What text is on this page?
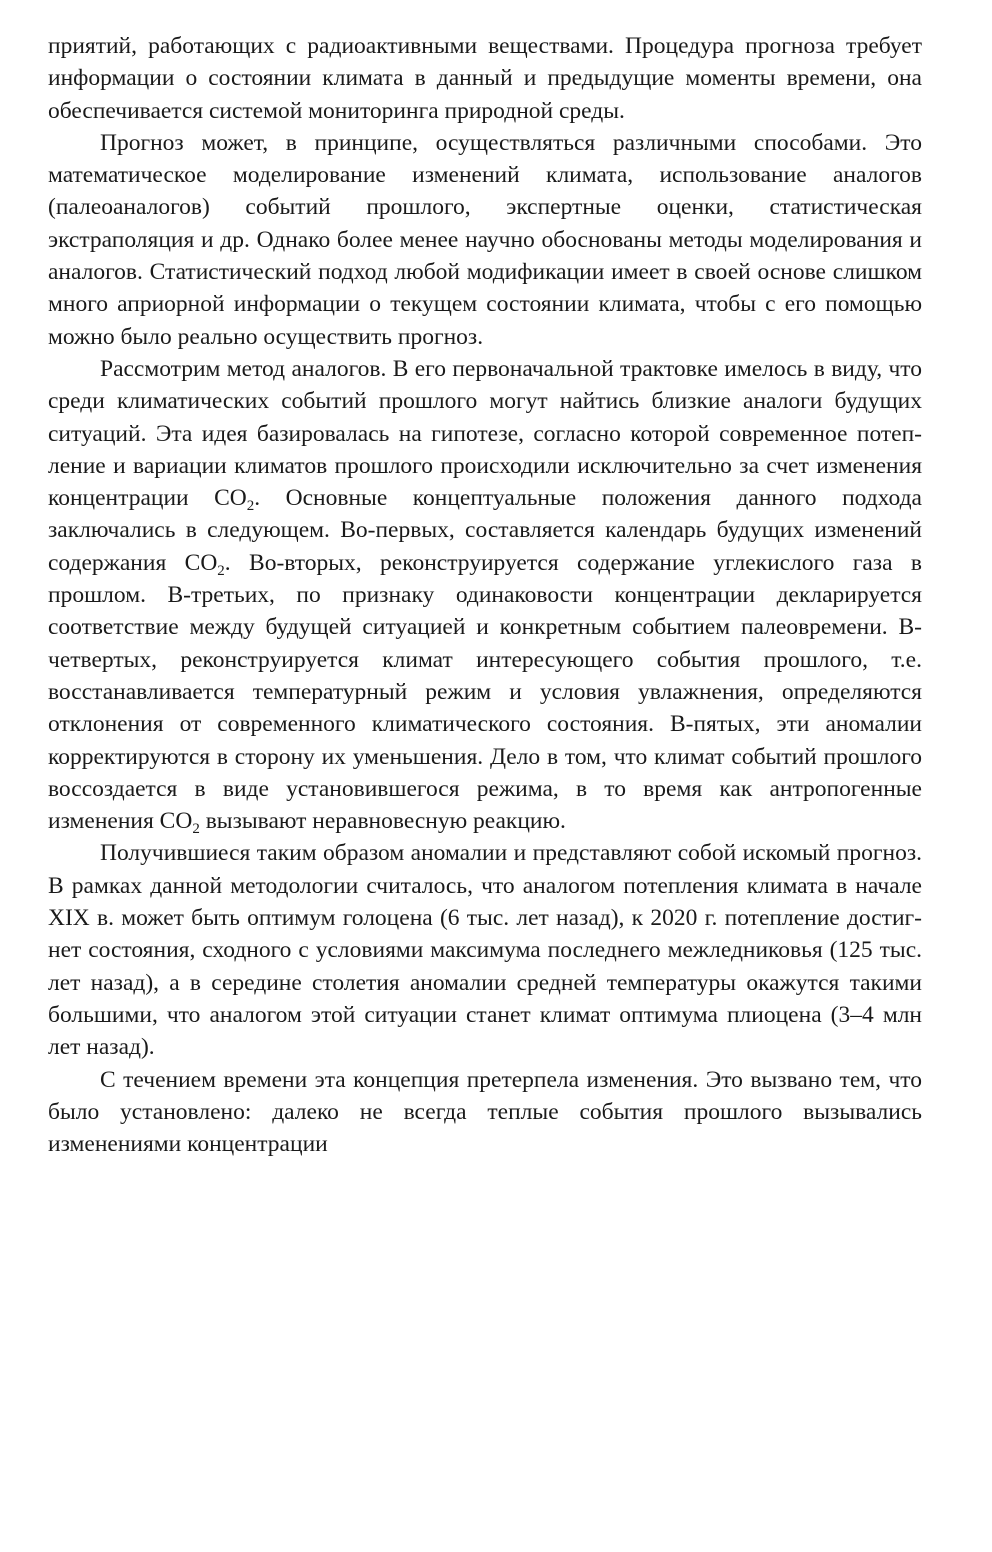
приятий, работающих с радиоактивными веществами. Процедура прогноза требует информации о состоянии климата в данный и предыдущие моменты времени, она обеспечивается системой мониторинга природной среды.

Прогноз может, в принципе, осуществляться различными способами. Это математическое моделирование изменений климата, использование аналогов (палеоаналогов) событий прошлого, экспертные оценки, статистическая экстраполяция и др. Однако более менее научно обоснованы методы моделирования и аналогов. Статистический подход любой модификации имеет в своей основе слишком много априорной информации о текущем состоянии климата, чтобы с его помощью можно было реально осуществить прогноз.

Рассмотрим метод аналогов. В его первоначальной трактовке имелось в виду, что среди климатических событий прошлого могут найтись близкие аналоги будущих ситуаций. Эта идея базировалась на гипотезе, согласно которой современное потепление и вариации климатов прошлого происходили исключительно за счет изменения концентрации $CO_2$. Основные концептуальные положения данного подхода заключались в следующем. Во-первых, составляется календарь будущих изменений содержания $CO_2$. Во-вторых, реконструируется содержание углекислого газа в прошлом. В-третьих, по признаку одинаковости концентрации декларируется соответствие между будущей ситуацией и конкретным событием палеовремени. В-четвертых, реконструируется климат интересующего события прошлого, т.е. восстанавливается температурный режим и условия увлажнения, определяются отклонения от современного климатического состояния. В-пятых, эти аномалии корректируются в сторону их уменьшения. Дело в том, что климат событий прошлого воссоздается в виде установившегося режима, в то время как антропогенные изменения $CO_2$ вызывают неравновесную реакцию.

Получившиеся таким образом аномалии и представляют собой искомый прогноз. В рамках данной методологии считалось, что аналогом потепления климата в начале XIX в. может быть оптимум голоцена (6 тыс. лет назад), к 2020 г. потепление достигнет состояния, сходного с условиями максимума последнего межледниковья (125 тыс. лет назад), а в середине столетия аномалии средней температуры окажутся такими большими, что аналогом этой ситуации станет климат оптимума плиоцена (3–4 млн лет назад).

С течением времени эта концепция претерпела изменения. Это вызвано тем, что было установлено: далеко не всегда теплые события прошлого вызывались изменениями концентрации
